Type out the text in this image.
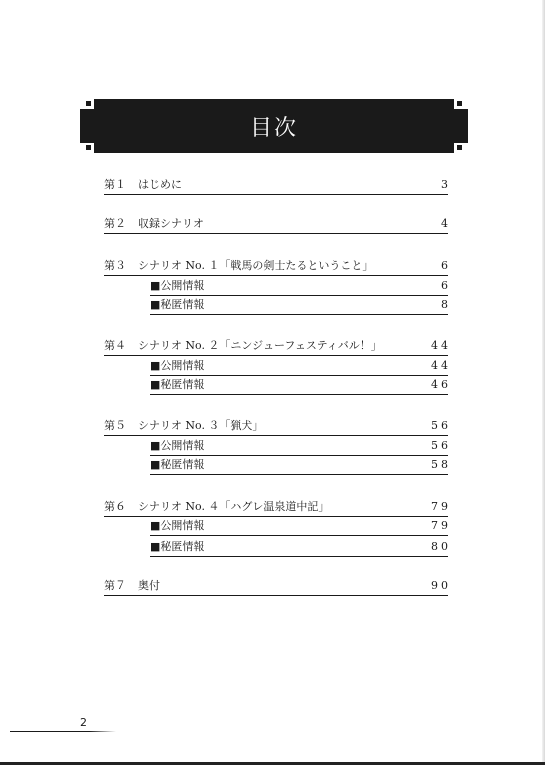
目次
第１ はじめに	3
第２ 収録シナリオ	4
第３ シナリオ No. １「戦馬の剣士たるということ」	6
■公開情報	6
■秘匿情報	8
第４ シナリオ No. ２「ニンジューフェスティバル！」	44
■公開情報	44
■秘匿情報	46
第５ シナリオ No. ３「猟犬」	56
■公開情報	56
■秘匿情報	58
第６ シナリオ No. ４「ハグレ温泉道中記」	79
■公開情報	79
■秘匿情報	80
第７ 奥付	90
2
